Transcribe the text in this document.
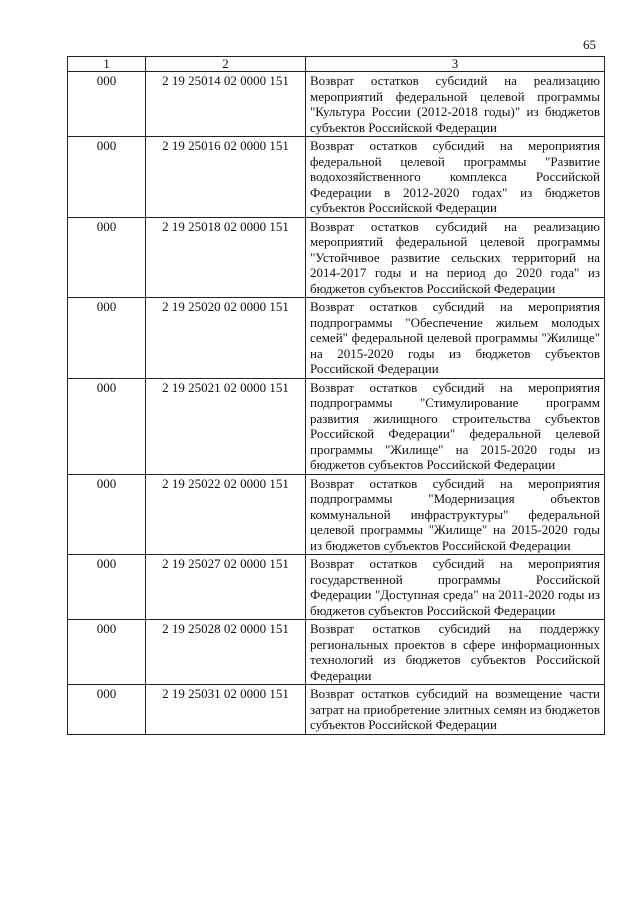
65
1	2	3
000	2 19 25014 02 0000 151	Возврат остатков субсидий на реализацию мероприятий федеральной целевой программы "Культура России (2012-2018 годы)" из бюджетов субъектов Российской Федерации
000	2 19 25016 02 0000 151	Возврат остатков субсидий на мероприятия федеральной целевой программы "Развитие водохозяйственного комплекса Российской Федерации в 2012-2020 годах" из бюджетов субъектов Российской Федерации
000	2 19 25018 02 0000 151	Возврат остатков субсидий на реализацию мероприятий федеральной целевой программы "Устойчивое развитие сельских территорий на 2014-2017 годы и на период до 2020 года" из бюджетов субъектов Российской Федерации
000	2 19 25020 02 0000 151	Возврат остатков субсидий на мероприятия подпрограммы "Обеспечение жильем молодых семей" федеральной целевой программы "Жилище" на 2015-2020 годы из бюджетов субъектов Российской Федерации
000	2 19 25021 02 0000 151	Возврат остатков субсидий на мероприятия подпрограммы "Стимулирование программ развития жилищного строительства субъектов Российской Федерации" федеральной целевой программы "Жилище" на 2015-2020 годы из бюджетов субъектов Российской Федерации
000	2 19 25022 02 0000 151	Возврат остатков субсидий на мероприятия подпрограммы "Модернизация объектов коммунальной инфраструктуры" федеральной целевой программы "Жилище" на 2015-2020 годы из бюджетов субъектов Российской Федерации
000	2 19 25027 02 0000 151	Возврат остатков субсидий на мероприятия государственной программы Российской Федерации "Доступная среда" на 2011-2020 годы из бюджетов субъектов Российской Федерации
000	2 19 25028 02 0000 151	Возврат остатков субсидий на поддержку региональных проектов в сфере информационных технологий из бюджетов субъектов Российской Федерации
000	2 19 25031 02 0000 151	Возврат остатков субсидий на возмещение части затрат на приобретение элитных семян из бюджетов субъектов Российской Федерации
